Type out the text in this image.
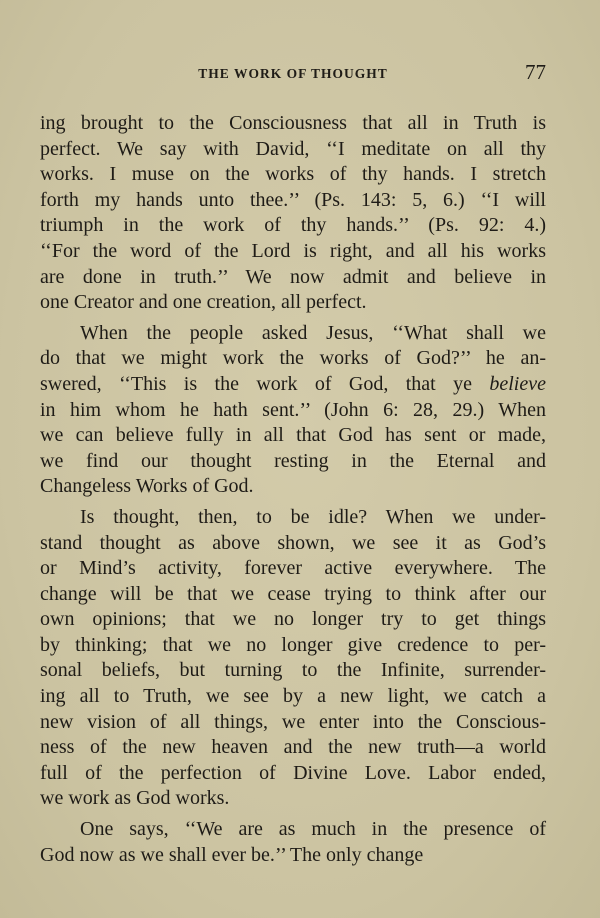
THE WORK OF THOUGHT	77
ing brought to the Consciousness that all in Truth is
perfect. We say with David, ‘‘I meditate on all thy
works. I muse on the works of thy hands. I stretch
forth my hands unto thee.’’ (Ps. 143: 5, 6.) ‘‘I will
triumph in the work of thy hands.’’ (Ps. 92: 4.)
‘‘For the word of the Lord is right, and all his works
are done in truth.’’ We now admit and believe in
one Creator and one creation, all perfect.
When the people asked Jesus, ‘‘What shall we
do that we might work the works of God?’’ he an-
swered, ‘‘This is the work of God, that ye believe
in him whom he hath sent.’’ (John 6: 28, 29.) When
we can believe fully in all that God has sent or made,
we find our thought resting in the Eternal and
Changeless Works of God.
Is thought, then, to be idle? When we under-
stand thought as above shown, we see it as God’s
or Mind’s activity, forever active everywhere. The
change will be that we cease trying to think after our
own opinions; that we no longer try to get things
by thinking; that we no longer give credence to per-
sonal beliefs, but turning to the Infinite, surrender-
ing all to Truth, we see by a new light, we catch a
new vision of all things, we enter into the Conscious-
ness of the new heaven and the new truth—a world
full of the perfection of Divine Love. Labor ended,
we work as God works.
One says, ‘‘We are as much in the presence of
God now as we shall ever be.’’ The only change
